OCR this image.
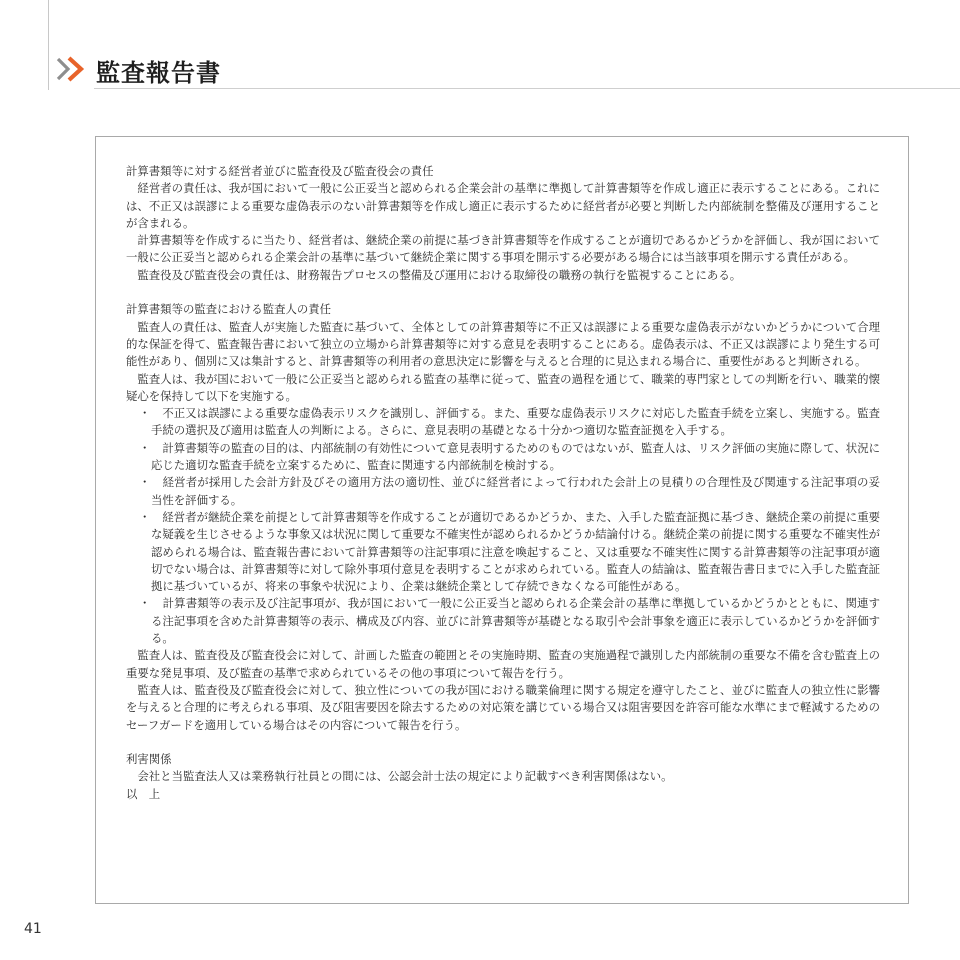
監査報告書

計算書類等に対する経営者並びに監査役及び監査役会の責任

経営者の責任は、我が国において一般に公正妥当と認められる企業会計の基準に準拠して計算書類等を作成し適正に表示することにある。これには、不正又は誤謬による重要な虚偽表示のない計算書類等を作成し適正に表示するために経営者が必要と判断した内部統制を整備及び運用することが含まれる。

計算書類等を作成するに当たり、経営者は、継続企業の前提に基づき計算書類等を作成することが適切であるかどうかを評価し、我が国において一般に公正妥当と認められる企業会計の基準に基づいて継続企業に関する事項を開示する必要がある場合には当該事項を開示する責任がある。

監査役及び監査役会の責任は、財務報告プロセスの整備及び運用における取締役の職務の執行を監視することにある。

計算書類等の監査における監査人の責任

監査人の責任は、監査人が実施した監査に基づいて、全体としての計算書類等に不正又は誤謬による重要な虚偽表示がないかどうかについて合理的な保証を得て、監査報告書において独立の立場から計算書類等に対する意見を表明することにある。虚偽表示は、不正又は誤謬により発生する可能性があり、個別に又は集計すると、計算書類等の利用者の意思決定に影響を与えると合理的に見込まれる場合に、重要性があると判断される。

監査人は、我が国において一般に公正妥当と認められる監査の基準に従って、監査の過程を通じて、職業的専門家としての判断を行い、職業的懐疑心を保持して以下を実施する。

・
　	不正又は誤謬による重要な虚偽表示リスクを識別し、評価する。また、重要な虚偽表示リスクに対応した監査手続を立案し、実施する。監査手続の選択及び適用は監査人の判断による。さらに、意見表明の基礎となる十分かつ適切な監査証拠を入手する。
・
　	計算書類等の監査の目的は、内部統制の有効性について意見表明するためのものではないが、監査人は、リスク評価の実施に際して、状況に応じた適切な監査手続を立案するために、監査に関連する内部統制を検討する。
・
　	経営者が採用した会計方針及びその適用方法の適切性、並びに経営者によって行われた会計上の見積りの合理性及び関連する注記事項の妥当性を評価する。
・
　	経営者が継続企業を前提として計算書類等を作成することが適切であるかどうか、また、入手した監査証拠に基づき、継続企業の前提に重要な疑義を生じさせるような事象又は状況に関して重要な不確実性が認められるかどうか結論付ける。継続企業の前提に関する重要な不確実性が認められる場合は、監査報告書において計算書類等の注記事項に注意を喚起すること、又は重要な不確実性に関する計算書類等の注記事項が適切でない場合は、計算書類等に対して除外事項付意見を表明することが求められている。監査人の結論は、監査報告書日までに入手した監査証拠に基づいているが、将来の事象や状況により、企業は継続企業として存続できなくなる可能性がある。
・
　	計算書類等の表示及び注記事項が、我が国において一般に公正妥当と認められる企業会計の基準に準拠しているかどうかとともに、関連する注記事項を含めた計算書類等の表示、構成及び内容、並びに計算書類等が基礎となる取引や会計事象を適正に表示しているかどうかを評価する。

監査人は、監査役及び監査役会に対して、計画した監査の範囲とその実施時期、監査の実施過程で識別した内部統制の重要な不備を含む監査上の重要な発見事項、及び監査の基準で求められているその他の事項について報告を行う。

監査人は、監査役及び監査役会に対して、独立性についての我が国における職業倫理に関する規定を遵守したこと、並びに監査人の独立性に影響を与えると合理的に考えられる事項、及び阻害要因を除去するための対応策を講じている場合又は阻害要因を許容可能な水準にまで軽減するためのセーフガードを適用している場合はその内容について報告を行う。

利害関係

会社と当監査法人又は業務執行社員との間には、公認会計士法の規定により記載すべき利害関係はない。

以　上

41
